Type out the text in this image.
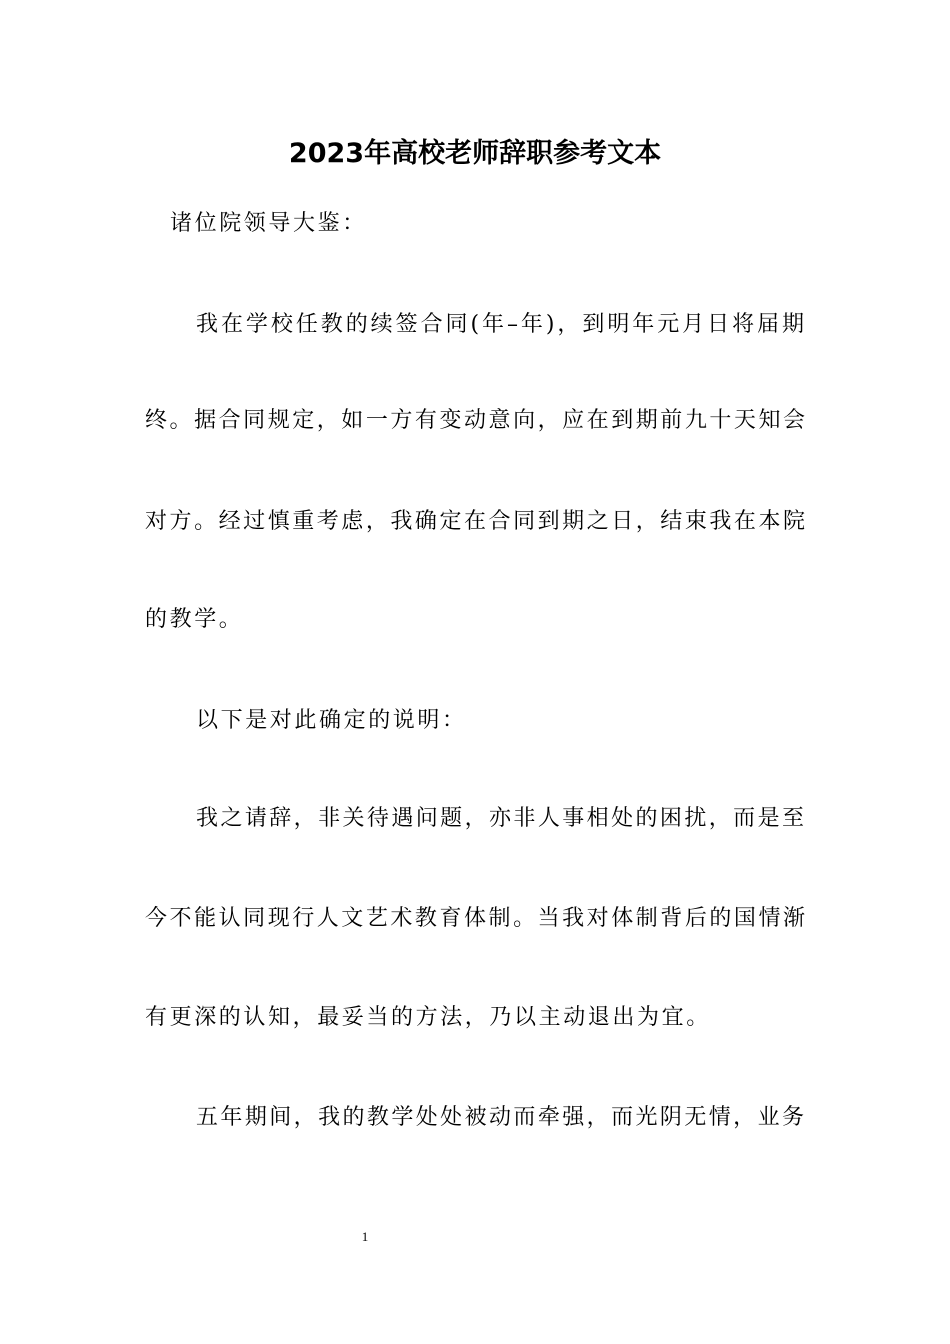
2023年高校老师辞职参考文本
诸位院领导大鉴：
我在学校任教的续签合同(年–年)，到明年元月日将届期
终。据合同规定，如一方有变动意向，应在到期前九十天知会
对方。经过慎重考虑，我确定在合同到期之日，结束我在本院
的教学。
以下是对此确定的说明：
我之请辞，非关待遇问题，亦非人事相处的困扰，而是至
今不能认同现行人文艺术教育体制。当我对体制背后的国情渐
有更深的认知，最妥当的方法，乃以主动退出为宜。
五年期间，我的教学处处被动而牵强，而光阴无情，业务
1
